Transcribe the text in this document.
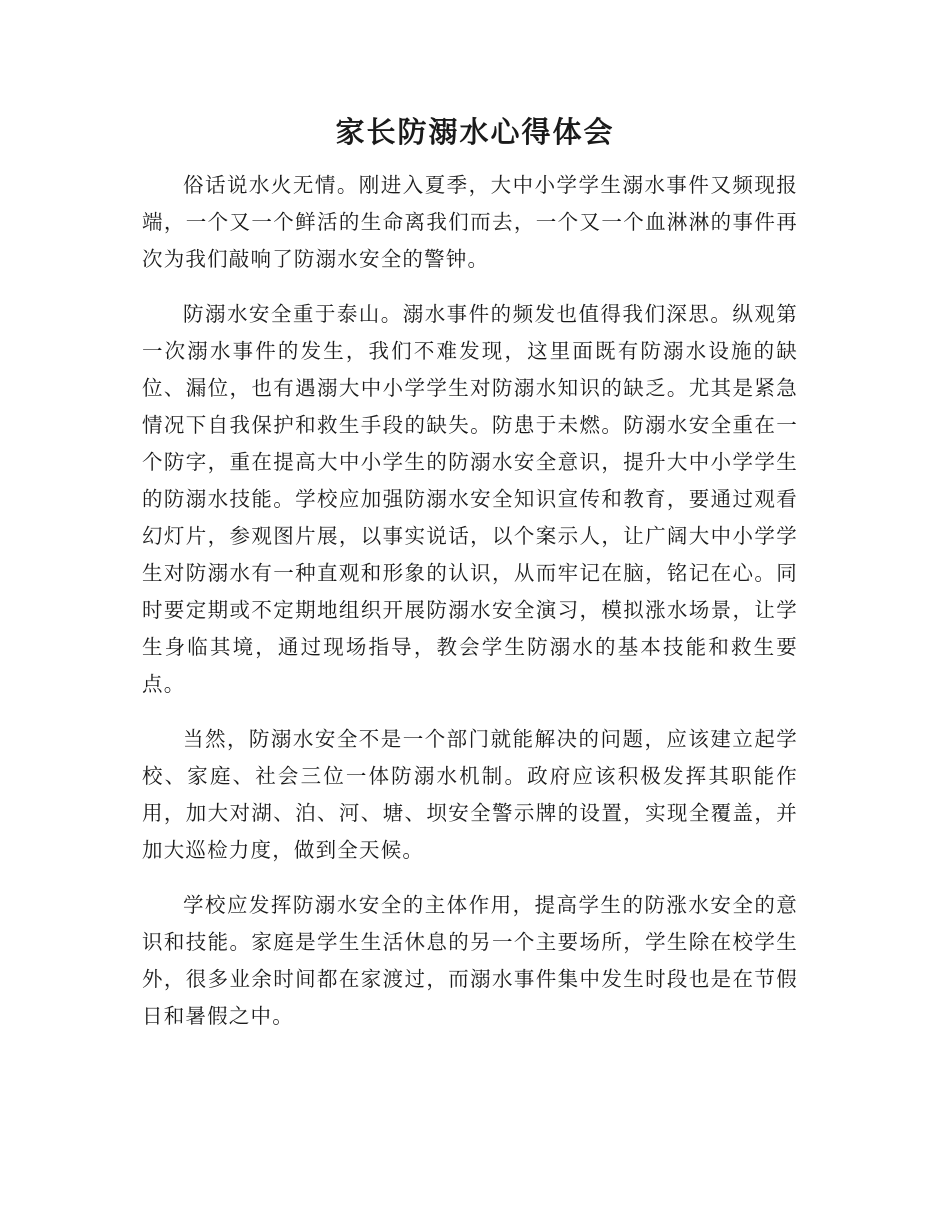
家长防溺水心得体会

俗话说水火无情。刚进入夏季，大中小学学生溺水事件又频现报端，一个又一个鲜活的生命离我们而去，一个又一个血淋淋的事件再次为我们敲响了防溺水安全的警钟。

防溺水安全重于泰山。溺水事件的频发也值得我们深思。纵观第一次溺水事件的发生，我们不难发现，这里面既有防溺水设施的缺位、漏位，也有遇溺大中小学学生对防溺水知识的缺乏。尤其是紧急情况下自我保护和救生手段的缺失。防患于未燃。防溺水安全重在一个防字，重在提高大中小学生的防溺水安全意识，提升大中小学学生的防溺水技能。学校应加强防溺水安全知识宣传和教育，要通过观看幻灯片，参观图片展，以事实说话，以个案示人，让广阔大中小学学生对防溺水有一种直观和形象的认识，从而牢记在脑，铭记在心。同时要定期或不定期地组织开展防溺水安全演习，模拟涨水场景，让学生身临其境，通过现场指导，教会学生防溺水的基本技能和救生要点。

当然，防溺水安全不是一个部门就能解决的问题，应该建立起学校、家庭、社会三位一体防溺水机制。政府应该积极发挥其职能作用，加大对湖、泊、河、塘、坝安全警示牌的设置，实现全覆盖，并加大巡检力度，做到全天候。

学校应发挥防溺水安全的主体作用，提高学生的防涨水安全的意识和技能。家庭是学生生活休息的另一个主要场所，学生除在校学生外，很多业余时间都在家渡过，而溺水事件集中发生时段也是在节假日和暑假之中。
